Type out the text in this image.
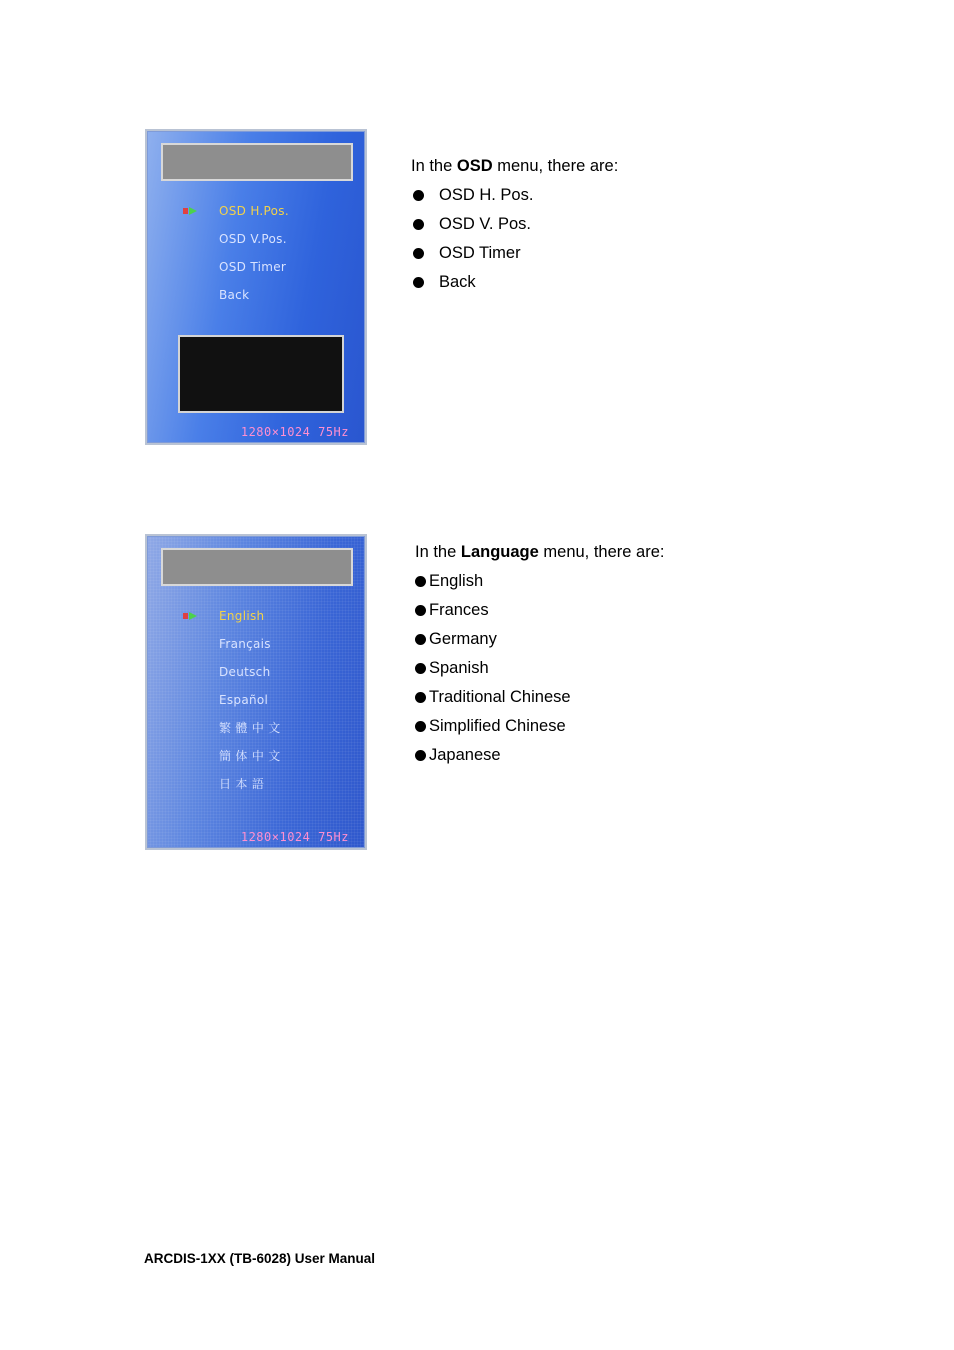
OSD H.Pos.
OSD V.Pos.
OSD Timer
Back
1280×1024 75Hz

In the OSD menu, there are:

OSD H. Pos.
OSD V. Pos.
OSD Timer
Back
English
Français
Deutsch
Español
繁 體 中 文
簡 体 中 文
日 本 語
1280×1024 75Hz

In the Language menu, there are:

English
Frances
Germany
Spanish
Traditional Chinese
Simplified Chinese
Japanese
ARCDIS-1XX (TB-6028) User Manual
